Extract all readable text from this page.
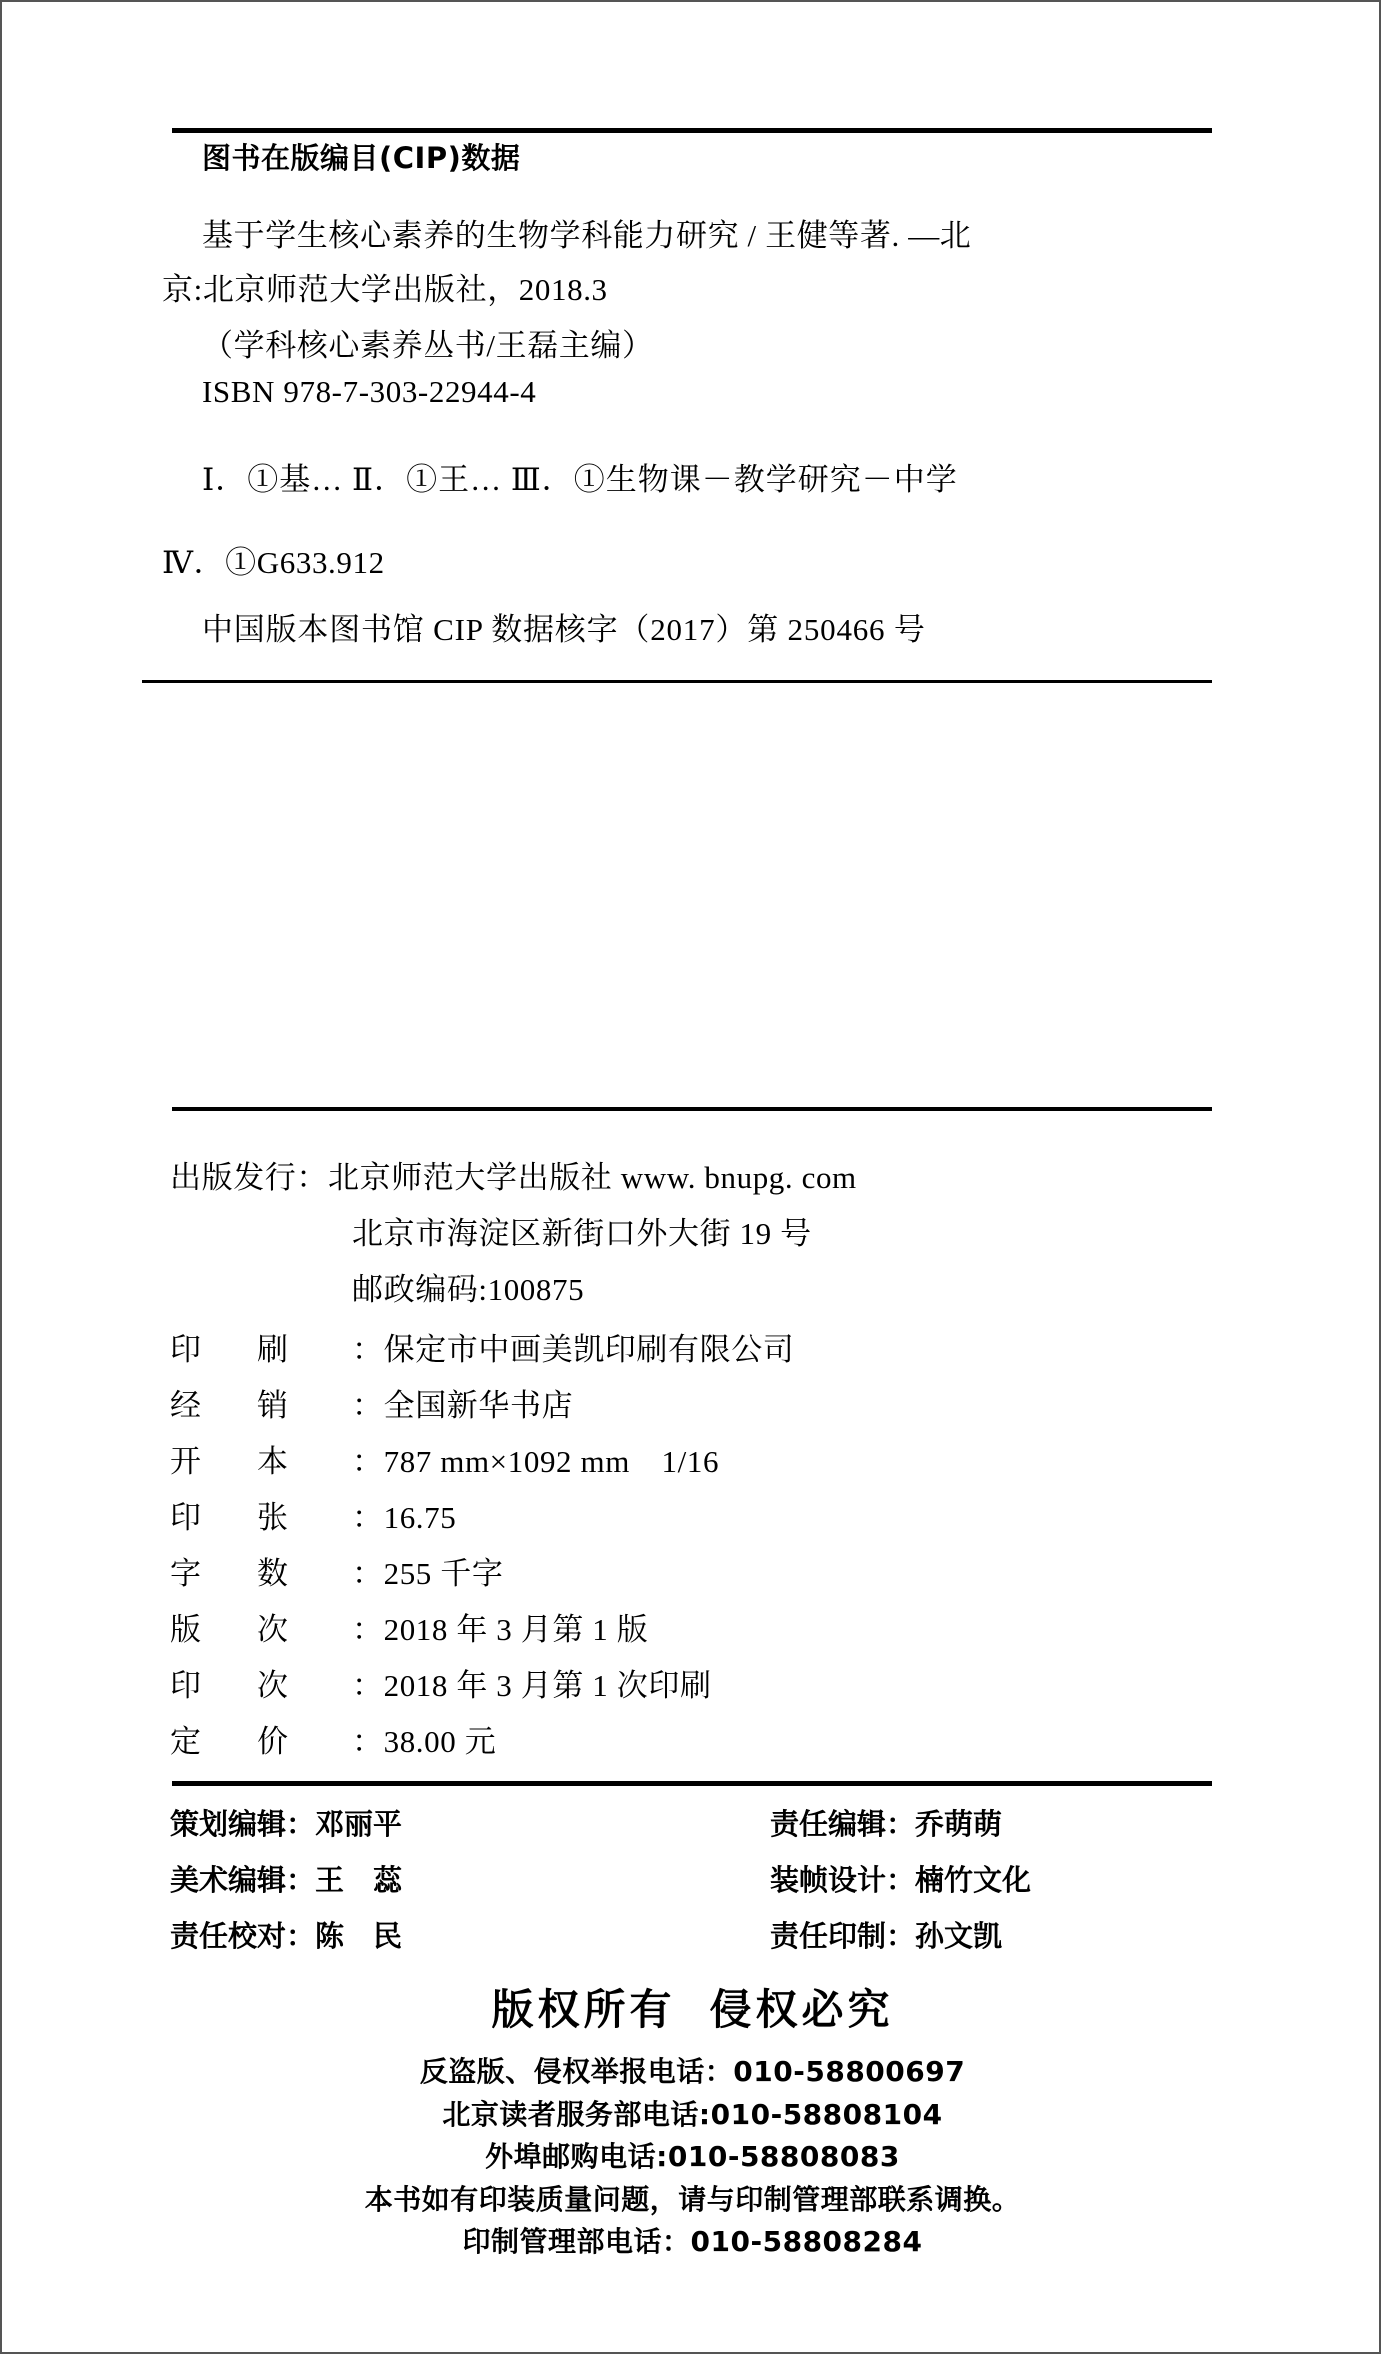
图书在版编目(CIP)数据
基于学生核心素养的生物学科能力研究 / 王健等著. —北
京:北京师范大学出版社，2018.3
（学科核心素养丛书/王磊主编）
ISBN 978-7-303-22944-4
Ⅰ．①基… Ⅱ．①王… Ⅲ．①生物课－教学研究－中学
Ⅳ．①G633.912
中国版本图书馆 CIP 数据核字（2017）第 250466 号
出版发行：北京师范大学出版社 www. bnupg. com
北京市海淀区新街口外大街 19 号
邮政编码:100875
印刷 ：保定市中画美凯印刷有限公司
经销 ：全国新华书店
开本 ：787 mm×1092 mm　1/16
印张 ：16.75
字数 ：255 千字
版次 ：2018 年 3 月第 1 版
印次 ：2018 年 3 月第 1 次印刷
定价 ：38.00 元
策划编辑：邓丽平	责任编辑：乔萌萌
美术编辑：王　蕊	装帧设计：楠竹文化
责任校对：陈　民	责任印制：孙文凯
版权所有 侵权必究
反盗版、侵权举报电话：010-58800697
北京读者服务部电话:010-58808104
外埠邮购电话:010-58808083
本书如有印装质量问题，请与印制管理部联系调换。
印制管理部电话：010-58808284
